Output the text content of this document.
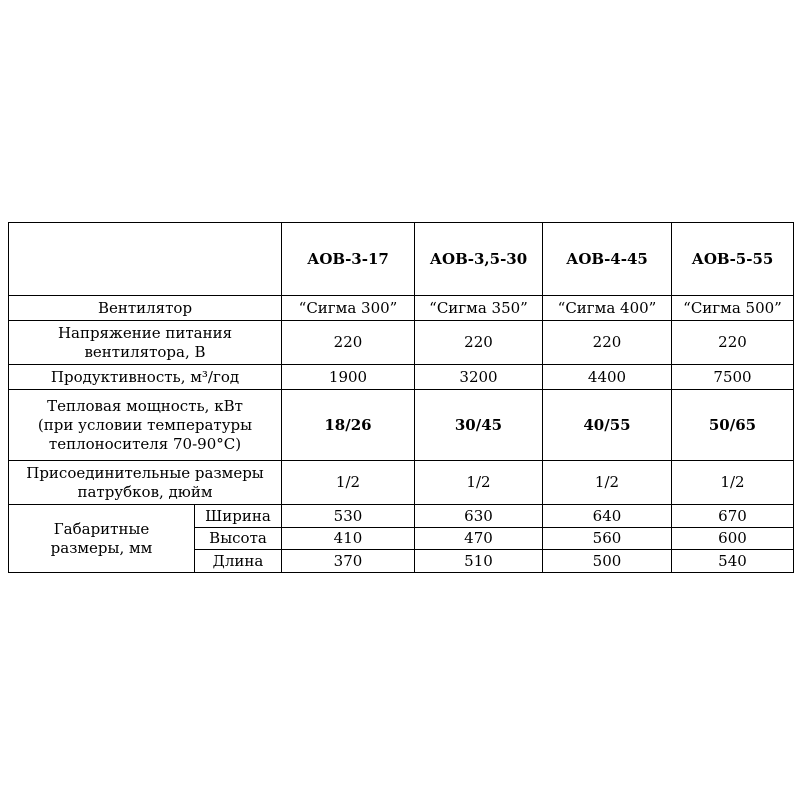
		АОВ-3-17	АОВ-3,5-30	АОВ-4-45	АОВ-5-55
Вентилятор		“Сигма 300”	“Сигма 350”	“Сигма 400”	“Сигма 500”

Напряжение питания
вентилятора, В		220	220	220	220
Продуктивность, м³/год		1900	3200	4400	7500

Тепловая мощность, кВт
(при условии температуры
теплоносителя 70-90°С)		18/26	30/45	40/55	50/65

Присоединительные размеры
патрубков, дюйм		1/2	1/2	1/2	1/2

Габаритные
размеры, мм	Ширина	530	630	640	670
	Высота	410	470	560	600
	Длина	370	510	500	540
